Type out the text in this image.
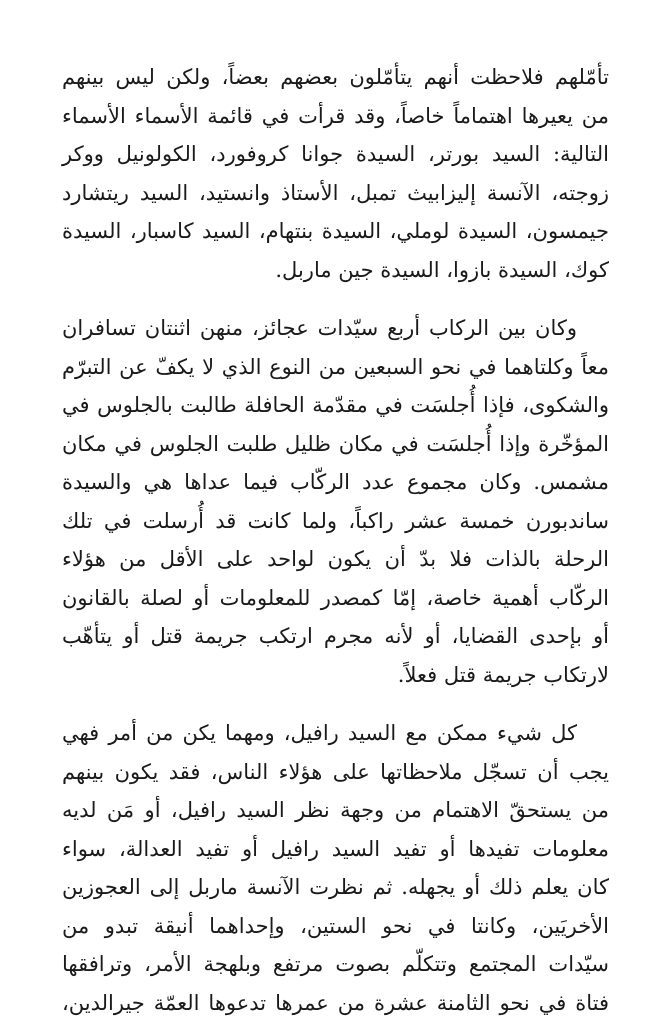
تأمّلهم فلاحظت أنهم يتأمّلون بعضهم بعضاً، ولكن ليس بينهم
من يعيرها اهتماماً خاصاً، وقد قرأت في قائمة الأسماء الأسماء
التالية: السيد بورتر، السيدة جوانا كروفورد، الكولونيل ووكر
زوجته، الآنسة إليزابيث تمبل، الأستاذ وانستيد، السيد ريتشارد
جيمسون، السيدة لوملي، السيدة بنتهام، السيد كاسبار، السيدة
كوك، السيدة بازوا، السيدة جين ماربل.

وكان بين الركاب أربع سيّدات عجائز، منهن اثنتان تسافران
معاً وكلتاهما في نحو السبعين من النوع الذي لا يكفّ عن التبرّم
والشكوى، فإذا أُجلسَت في مقدّمة الحافلة طالبت بالجلوس في
المؤخّرة وإذا أُجلسَت في مكان ظليل طلبت الجلوس في مكان
مشمس. وكان مجموع عدد الركّاب فيما عداها هي والسيدة
ساندبورن خمسة عشر راكباً، ولما كانت قد أُرسلت في تلك
الرحلة بالذات فلا بدّ أن يكون لواحد على الأقل من هؤلاء
الركّاب أهمية خاصة، إمّا كمصدر للمعلومات أو لصلة بالقانون
أو بإحدى القضايا، أو لأنه مجرم ارتكب جريمة قتل أو يتأهّب
لارتكاب جريمة قتل فعلاً.

كل شيء ممكن مع السيد رافيل، ومهما يكن من أمر فهي
يجب أن تسجّل ملاحظاتها على هؤلاء الناس، فقد يكون بينهم
من يستحقّ الاهتمام من وجهة نظر السيد رافيل، أو مَن لديه
معلومات تفيدها أو تفيد السيد رافيل أو تفيد العدالة، سواء
كان يعلم ذلك أو يجهله. ثم نظرت الآنسة ماربل إلى العجوزين
الأخريَين، وكانتا في نحو الستين، وإحداهما أنيقة تبدو من
سيّدات المجتمع وتتكلّم بصوت مرتفع وبلهجة الأمر، وترافقها
فتاة في نحو الثامنة عشرة من عمرها تدعوها العمّة جيرالدين،
